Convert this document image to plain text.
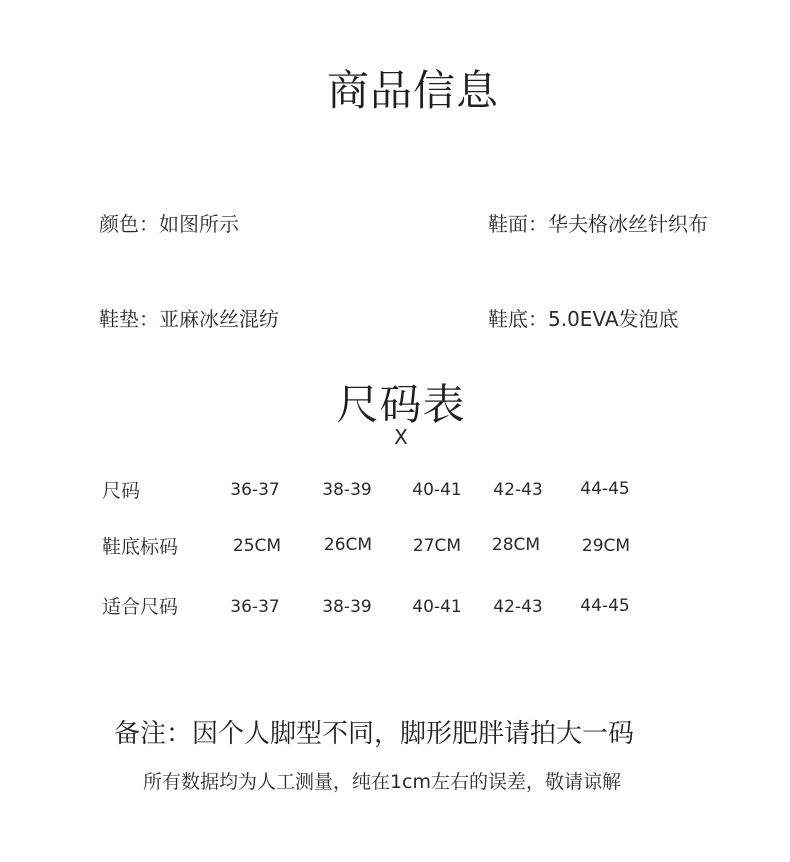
商品信息
颜色：如图所示	鞋面：华夫格冰丝针织布
鞋垫：亚麻冰丝混纺	鞋底：5.0EVA发泡底
尺码表
X
尺码	36-37	38-39	40-41	42-43	44-45
鞋底标码	25CM	26CM	27CM	28CM	29CM
适合尺码	36-37	38-39	40-41	42-43	44-45
备注：因个人脚型不同，脚形肥胖请拍大一码
所有数据均为人工测量，纯在1cm左右的误差，敬请谅解
